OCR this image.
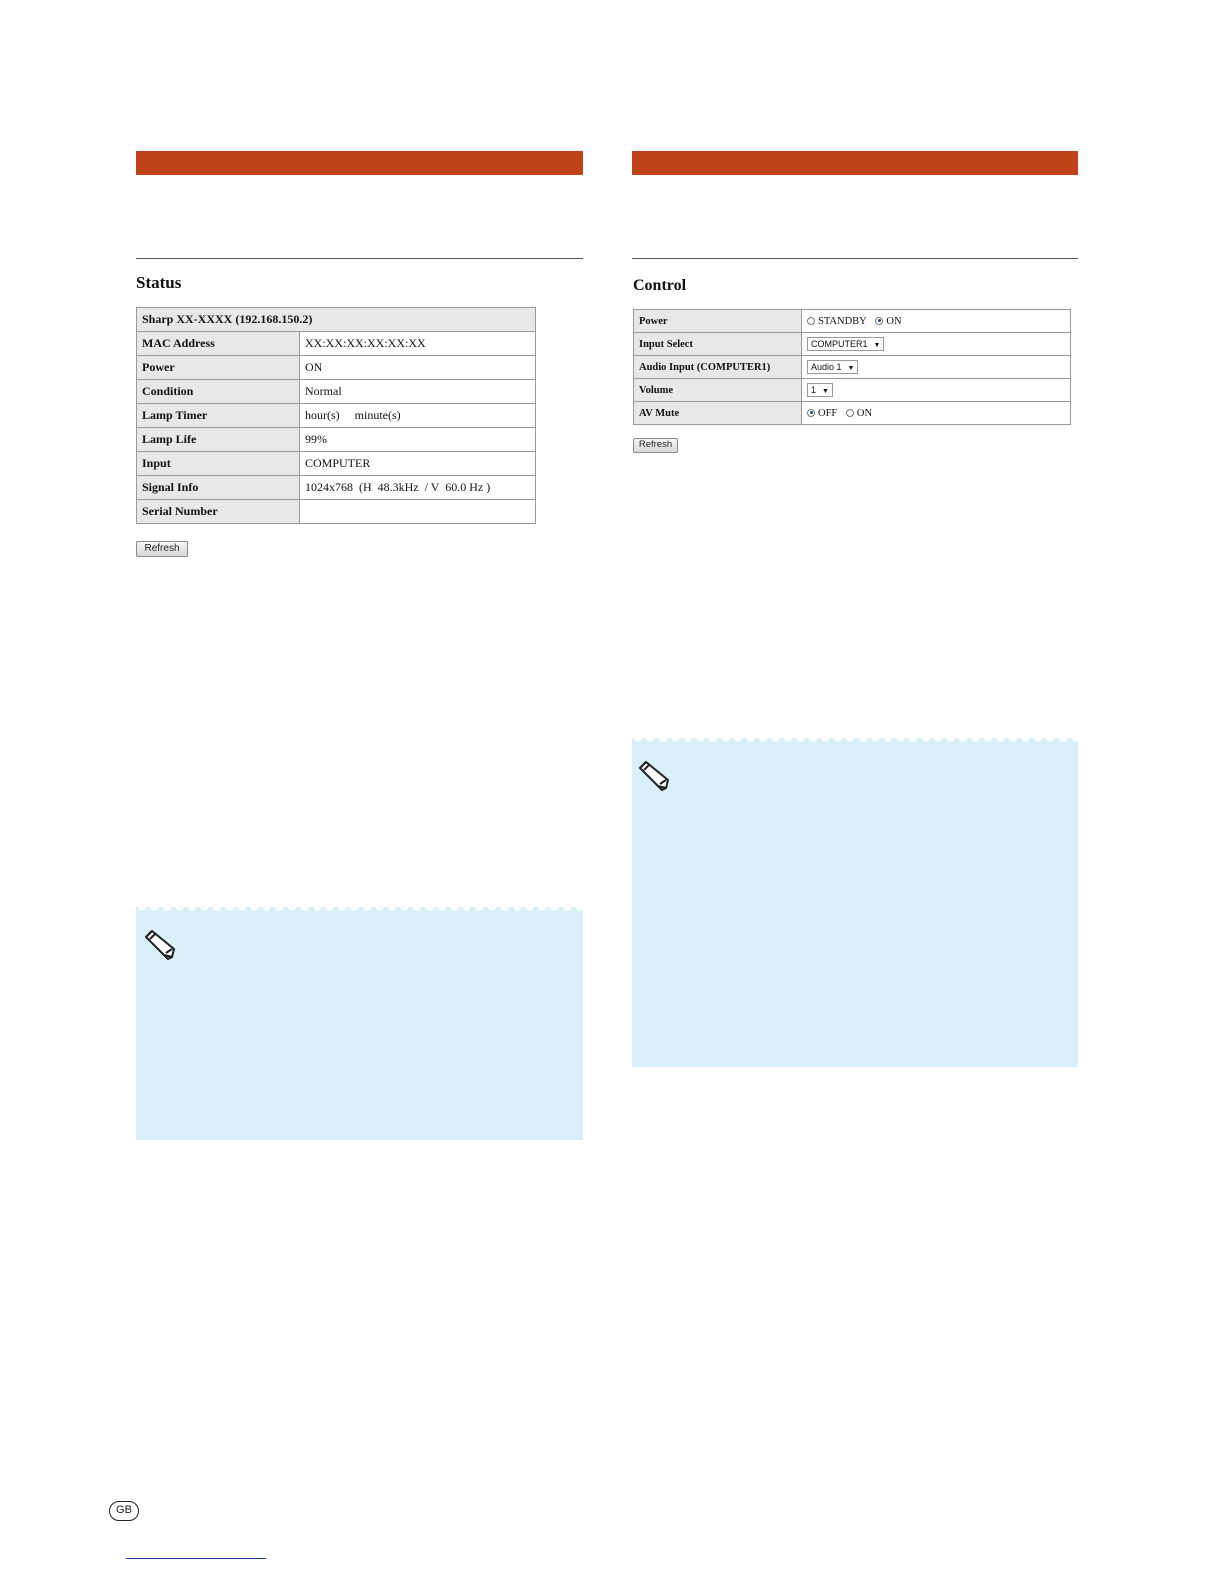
Status
Sharp XX-XXXX (192.168.150.2)	
MAC Address	XX:XX:XX:XX:XX:XX
Power	ON
Condition	Normal
Lamp Timer	hour(s)     minute(s)
Lamp Life	99%
Input	COMPUTER
Signal Info	1024x768  (H  48.3kHz  / V  60.0 Hz )
Serial Number	
Refresh
Control
Power	STANDBY ON
Input Select	COMPUTER1 ▼
Audio Input (COMPUTER1)	Audio 1 ▼
Volume	1 ▼
AV Mute	OFF ON
Refresh
GB
